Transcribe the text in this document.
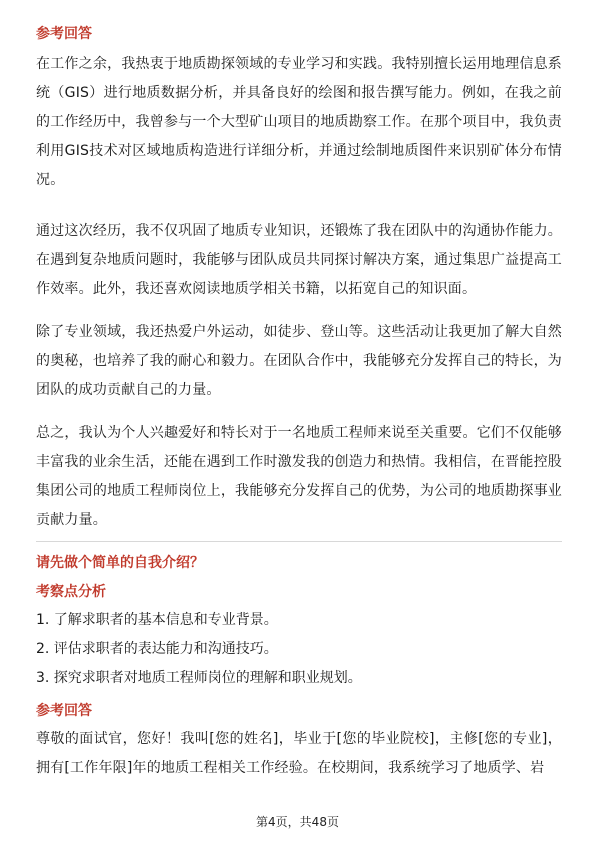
参考回答

在工作之余，我热衷于地质勘探领域的专业学习和实践。我特别擅长运用地理信息系统（GIS）进行地质数据分析，并具备良好的绘图和报告撰写能力。例如，在我之前的工作经历中，我曾参与一个大型矿山项目的地质勘察工作。在那个项目中，我负责利用GIS技术对区域地质构造进行详细分析，并通过绘制地质图件来识别矿体分布情况。

通过这次经历，我不仅巩固了地质专业知识，还锻炼了我在团队中的沟通协作能力。在遇到复杂地质问题时，我能够与团队成员共同探讨解决方案，通过集思广益提高工作效率。此外，我还喜欢阅读地质学相关书籍，以拓宽自己的知识面。

除了专业领域，我还热爱户外运动，如徒步、登山等。这些活动让我更加了解大自然的奥秘，也培养了我的耐心和毅力。在团队合作中，我能够充分发挥自己的特长，为团队的成功贡献自己的力量。

总之，我认为个人兴趣爱好和特长对于一名地质工程师来说至关重要。它们不仅能够丰富我的业余生活，还能在遇到工作时激发我的创造力和热情。我相信，在晋能控股集团公司的地质工程师岗位上，我能够充分发挥自己的优势，为公司的地质勘探事业贡献力量。

请先做个简单的自我介绍？

考察点分析

1. 了解求职者的基本信息和专业背景。

2. 评估求职者的表达能力和沟通技巧。

3. 探究求职者对地质工程师岗位的理解和职业规划。

参考回答

尊敬的面试官，您好！我叫[您的姓名]，毕业于[您的毕业院校]，主修[您的专业]，拥有[工作年限]年的地质工程相关工作经验。在校期间，我系统学习了地质学、岩

第4页，共48页
